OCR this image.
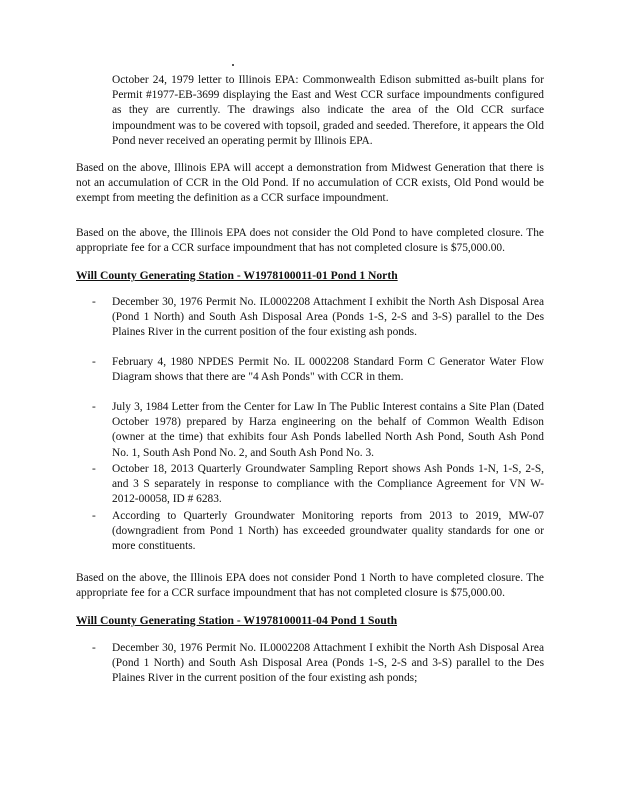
October 24, 1979 letter to Illinois EPA: Commonwealth Edison submitted as-built plans for Permit #1977-EB-3699 displaying the East and West CCR surface impoundments configured as they are currently. The drawings also indicate the area of the Old CCR surface impoundment was to be covered with topsoil, graded and seeded. Therefore, it appears the Old Pond never received an operating permit by Illinois EPA.

Based on the above, Illinois EPA will accept a demonstration from Midwest Generation that there is not an accumulation of CCR in the Old Pond. If no accumulation of CCR exists, Old Pond would be exempt from meeting the definition as a CCR surface impoundment.

Based on the above, the Illinois EPA does not consider the Old Pond to have completed closure. The appropriate fee for a CCR surface impoundment that has not completed closure is $75,000.00.

Will County Generating Station - W1978100011-01 Pond 1 North

- December 30, 1976 Permit No. IL0002208 Attachment I exhibit the North Ash Disposal Area (Pond 1 North) and South Ash Disposal Area (Ponds 1-S, 2-S and 3-S) parallel to the Des Plaines River in the current position of the four existing ash ponds.

- February 4, 1980 NPDES Permit No. IL 0002208 Standard Form C Generator Water Flow Diagram shows that there are "4 Ash Ponds" with CCR in them.

- July 3, 1984 Letter from the Center for Law In The Public Interest contains a Site Plan (Dated October 1978) prepared by Harza engineering on the behalf of Common Wealth Edison (owner at the time) that exhibits four Ash Ponds labelled North Ash Pond, South Ash Pond No. 1, South Ash Pond No. 2, and South Ash Pond No. 3.

- October 18, 2013 Quarterly Groundwater Sampling Report shows Ash Ponds 1-N, 1-S, 2-S, and 3 S separately in response to compliance with the Compliance Agreement for VN W-2012-00058, ID # 6283.

- According to Quarterly Groundwater Monitoring reports from 2013 to 2019, MW-07 (downgradient from Pond 1 North) has exceeded groundwater quality standards for one or more constituents.

Based on the above, the Illinois EPA does not consider Pond 1 North to have completed closure. The appropriate fee for a CCR surface impoundment that has not completed closure is $75,000.00.

Will County Generating Station - W1978100011-04 Pond 1 South

- December 30, 1976 Permit No. IL0002208 Attachment I exhibit the North Ash Disposal Area (Pond 1 North) and South Ash Disposal Area (Ponds 1-S, 2-S and 3-S) parallel to the Des Plaines River in the current position of the four existing ash ponds;
